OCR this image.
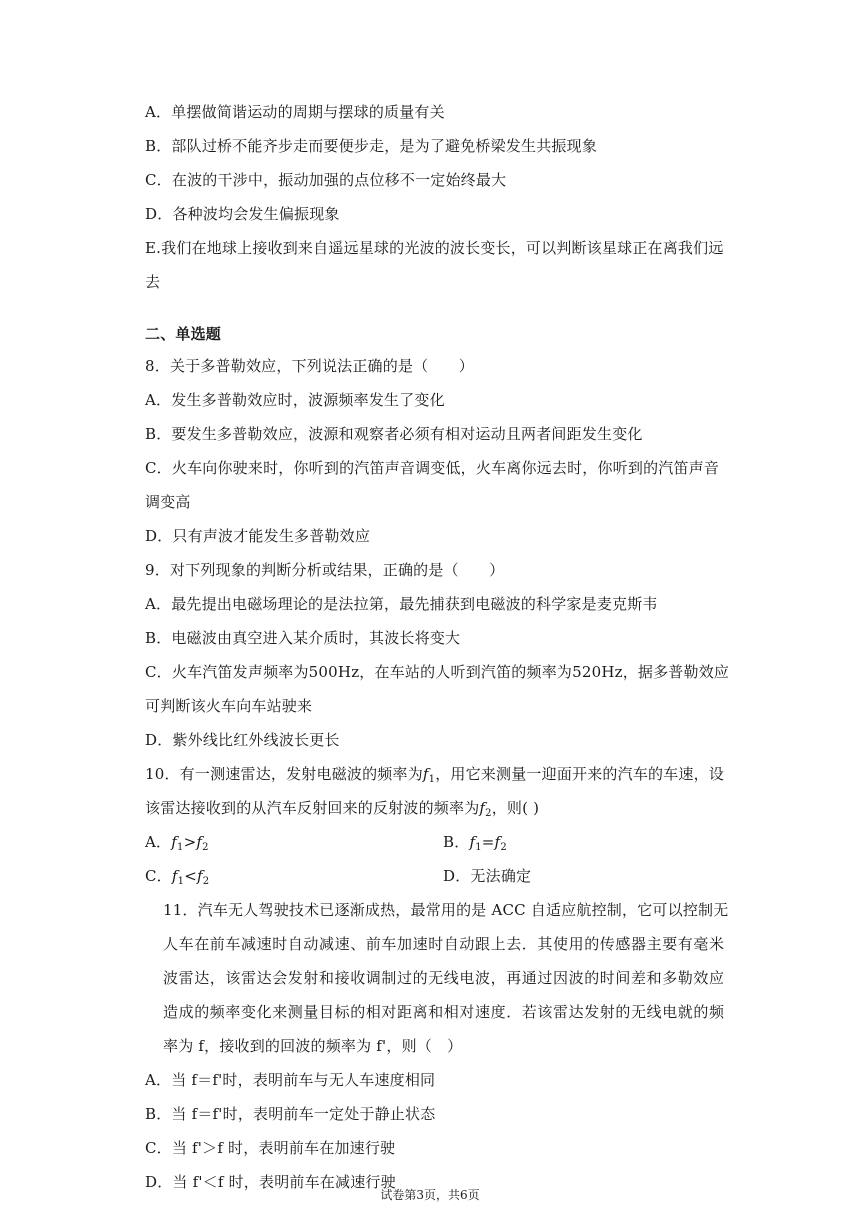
A．单摆做简谐运动的周期与摆球的质量有关
B．部队过桥不能齐步走而要便步走，是为了避免桥梁发生共振现象
C．在波的干涉中，振动加强的点位移不一定始终最大
D．各种波均会发生偏振现象
E.我们在地球上接收到来自遥远星球的光波的波长变长，可以判断该星球正在离我们远
去
二、单选题
8．关于多普勒效应，下列说法正确的是（　　）
A．发生多普勒效应时，波源频率发生了变化
B．要发生多普勒效应，波源和观察者必须有相对运动且两者间距发生变化
C．火车向你驶来时，你听到的汽笛声音调变低，火车离你远去时，你听到的汽笛声音
调变高
D．只有声波才能发生多普勒效应
9．对下列现象的判断分析或结果，正确的是（　　）
A．最先提出电磁场理论的是法拉第，最先捕获到电磁波的科学家是麦克斯韦
B．电磁波由真空进入某介质时，其波长将变大
C．火车汽笛发声频率为500Hz，在车站的人听到汽笛的频率为520Hz，据多普勒效应
可判断该火车向车站驶来
D．紫外线比红外线波长更长
10．有一测速雷达，发射电磁波的频率为$f_1$，用它来测量一迎面开来的汽车的车速，设
该雷达接收到的从汽车反射回来的反射波的频率为$f_2$，则( )
A．$f_1>f_2$	B．$f_1=f_2$
C．$f_1<f_2$	D．无法确定
11．汽车无人驾驶技术已逐渐成热，最常用的是 ACC 自适应航控制，它可以控制无
人车在前车减速时自动减速、前车加速时自动跟上去．其使用的传感器主要有毫米
波雷达，该雷达会发射和接收调制过的无线电波，再通过因波的时间差和多勒效应
造成的频率变化来测量目标的相对距离和相对速度．若该雷达发射的无线电就的频
率为 f，接收到的回波的频率为 f'，则（　）
A．当 f＝f'时，表明前车与无人车速度相同
B．当 f＝f'时，表明前车一定处于静止状态
C．当 f'＞f 时，表明前车在加速行驶
D．当 f'＜f 时，表明前车在减速行驶
试卷第3页，共6页
